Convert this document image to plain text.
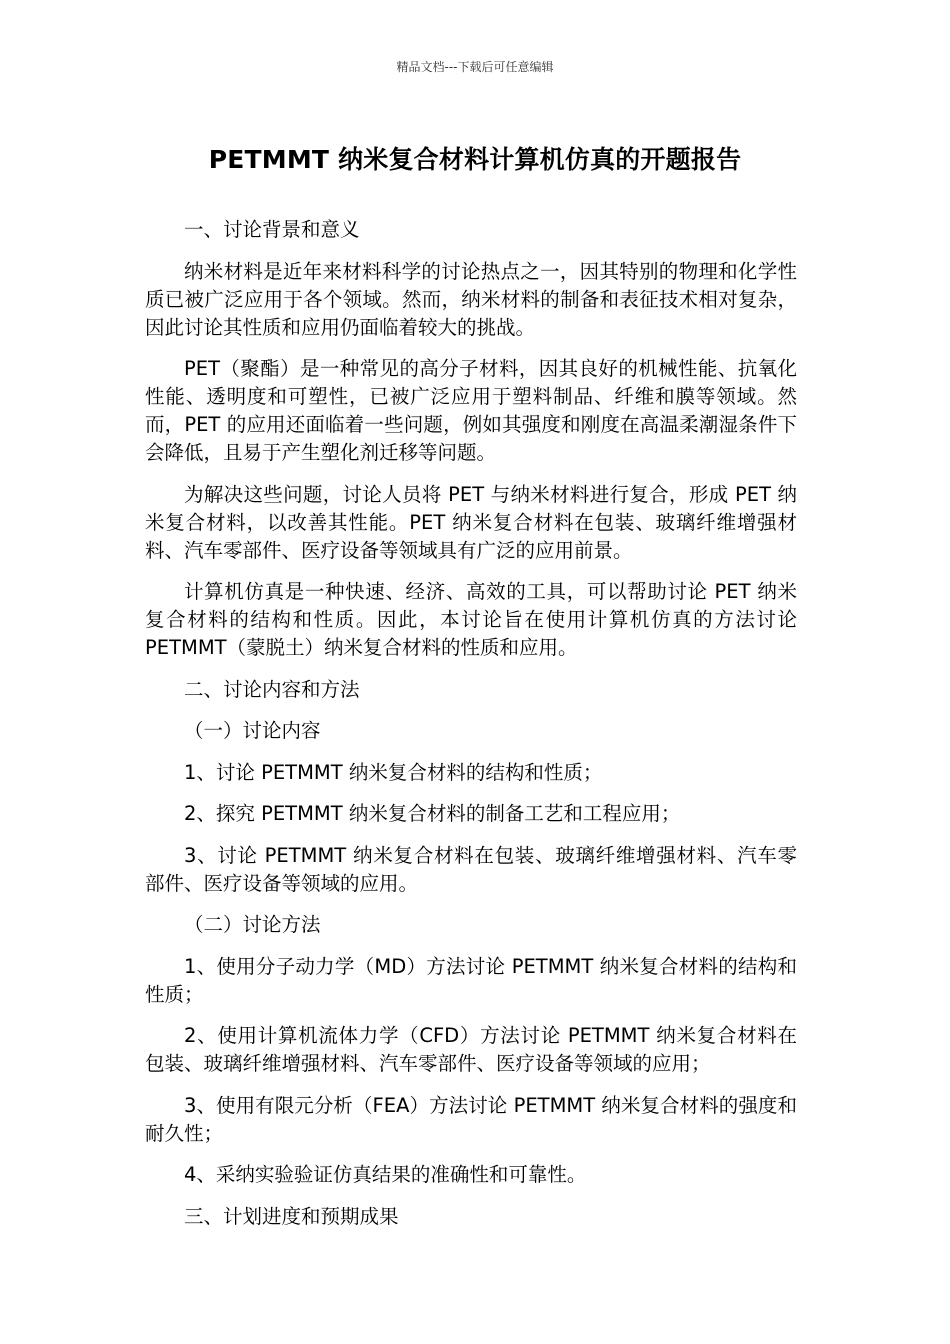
精品文档---下载后可任意编辑
PETMMT 纳米复合材料计算机仿真的开题报告

一、讨论背景和意义

纳米材料是近年来材料科学的讨论热点之一，因其特别的物理和化学性质已被广泛应用于各个领域。然而，纳米材料的制备和表征技术相对复杂，因此讨论其性质和应用仍面临着较大的挑战。

PET（聚酯）是一种常见的高分子材料，因其良好的机械性能、抗氧化性能、透明度和可塑性，已被广泛应用于塑料制品、纤维和膜等领域。然而，PET 的应用还面临着一些问题，例如其强度和刚度在高温柔潮湿条件下会降低，且易于产生塑化剂迁移等问题。

为解决这些问题，讨论人员将 PET 与纳米材料进行复合，形成 PET 纳米复合材料，以改善其性能。PET 纳米复合材料在包装、玻璃纤维增强材料、汽车零部件、医疗设备等领域具有广泛的应用前景。

计算机仿真是一种快速、经济、高效的工具，可以帮助讨论 PET 纳米复合材料的结构和性质。因此，本讨论旨在使用计算机仿真的方法讨论 PETMMT（蒙脱土）纳米复合材料的性质和应用。

二、讨论内容和方法

（一）讨论内容

1、讨论 PETMMT 纳米复合材料的结构和性质；

2、探究 PETMMT 纳米复合材料的制备工艺和工程应用；

3、讨论 PETMMT 纳米复合材料在包装、玻璃纤维增强材料、汽车零部件、医疗设备等领域的应用。

（二）讨论方法

1、使用分子动力学（MD）方法讨论 PETMMT 纳米复合材料的结构和性质；

2、使用计算机流体力学（CFD）方法讨论 PETMMT 纳米复合材料在包装、玻璃纤维增强材料、汽车零部件、医疗设备等领域的应用；

3、使用有限元分析（FEA）方法讨论 PETMMT 纳米复合材料的强度和耐久性；

4、采纳实验验证仿真结果的准确性和可靠性。

三、计划进度和预期成果
